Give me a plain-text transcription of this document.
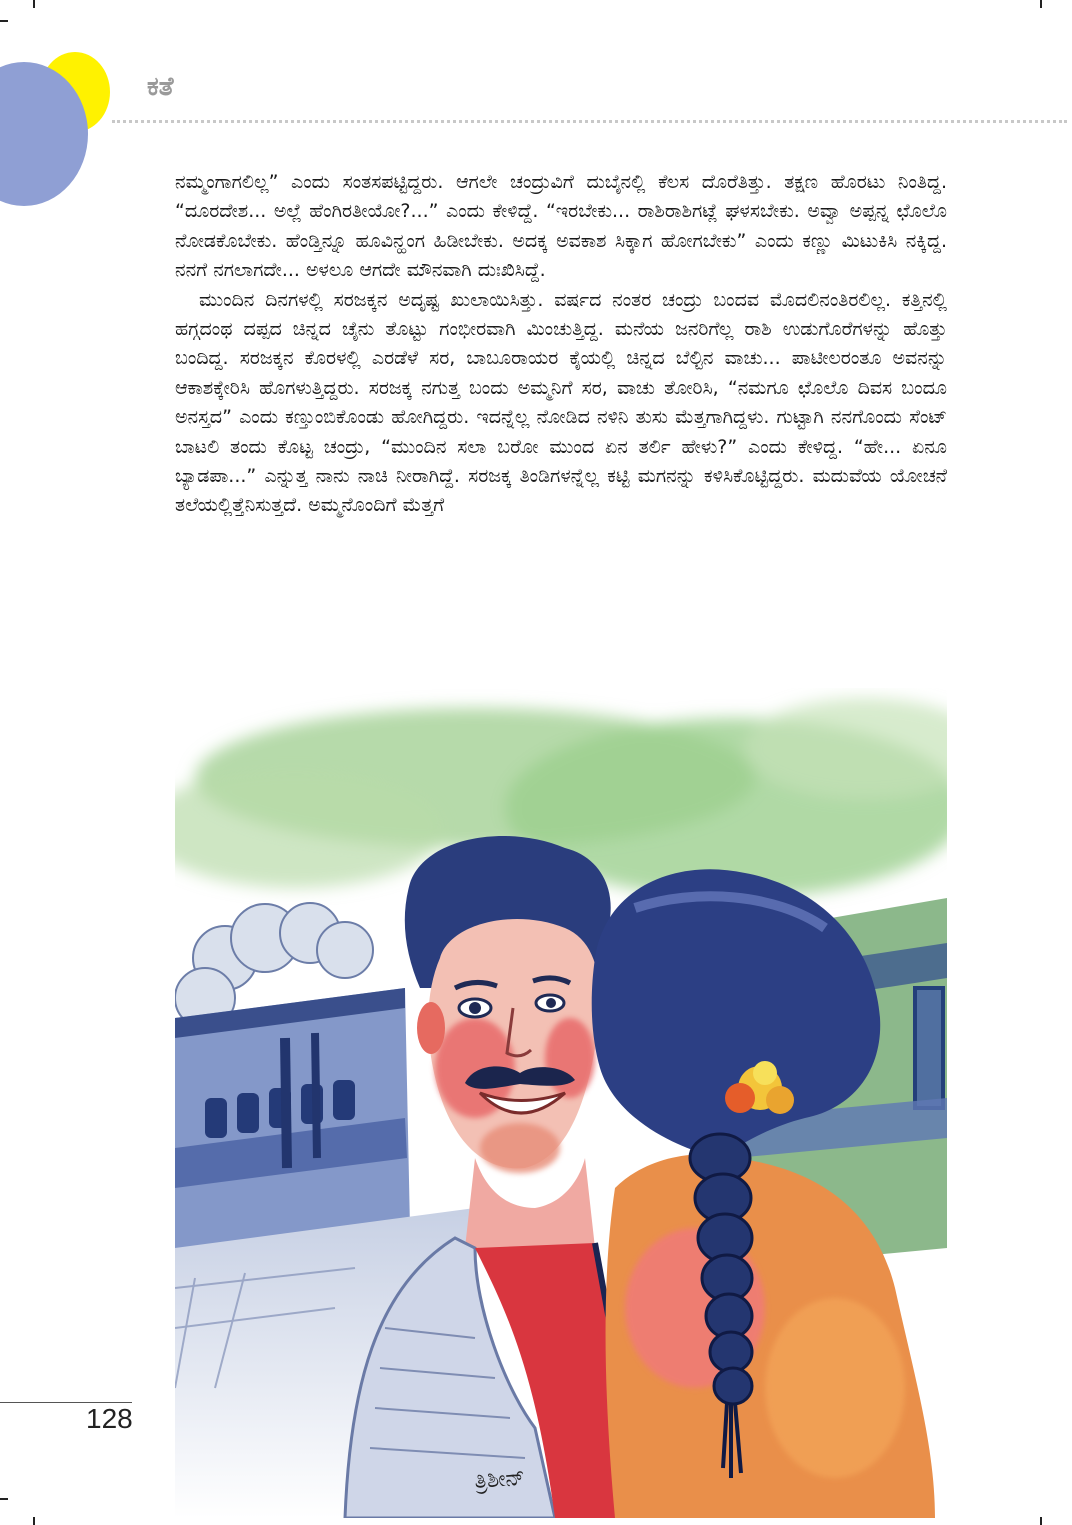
ಕತೆ

ನಮ್ಮಂಗಾಗಲಿಲ್ಲ” ಎಂದು ಸಂತಸಪಟ್ಟಿದ್ದರು. ಆಗಲೇ ಚಂದ್ರುವಿಗೆ ದುಬೈನಲ್ಲಿ ಕೆಲಸ ದೊರೆತಿತ್ತು. ತಕ್ಷಣ ಹೊರಟು ನಿಂತಿದ್ದ. “ದೂರದೇಶ... ಅಲ್ಲೆ ಹೆಂಗಿರತೀಯೋ?...” ಎಂದು ಕೇಳಿದ್ದೆ. “ಇರಬೇಕು... ರಾಶಿರಾಶಿಗಟ್ಲೆ ಘಳಸಬೇಕು. ಅವ್ವಾ ಅಪ್ಪನ್ನ ಛೊಲೊ ನೋಡಕೊಬೇಕು. ಹೆಂಡ್ತಿನ್ನೂ ಹೂವಿನ್ಹಂಗ ಹಿಡೀಬೇಕು. ಅದಕ್ಕ ಅವಕಾಶ ಸಿಕ್ಕಾಗ ಹೋಗಬೇಕು” ಎಂದು ಕಣ್ಣು ಮಿಟುಕಿಸಿ ನಕ್ಕಿದ್ದ. ನನಗೆ ನಗಲಾಗದೇ... ಅಳಲೂ ಆಗದೇ ಮೌನವಾಗಿ ದುಃಖಿಸಿದ್ದೆ.

ಮುಂದಿನ ದಿನಗಳಲ್ಲಿ ಸರಜಕ್ಕನ ಅದೃಷ್ಟ ಖುಲಾಯಿಸಿತ್ತು. ವರ್ಷದ ನಂತರ ಚಂದ್ರು ಬಂದವ ಮೊದಲಿನಂತಿರಲಿಲ್ಲ. ಕತ್ತಿನಲ್ಲಿ ಹಗ್ಗದಂಥ ದಪ್ಪದ ಚಿನ್ನದ ಚೈನು ತೊಟ್ಟು ಗಂಭೀರವಾಗಿ ಮಿಂಚುತ್ತಿದ್ದ. ಮನೆಯ ಜನರಿಗೆಲ್ಲ ರಾಶಿ ಉಡುಗೊರೆಗಳನ್ನು ಹೊತ್ತು ಬಂದಿದ್ದ. ಸರಜಕ್ಕನ ಕೊರಳಲ್ಲಿ ಎರಡೆಳೆ ಸರ, ಬಾಬೂರಾಯರ ಕೈಯಲ್ಲಿ ಚಿನ್ನದ ಬೆಲ್ಟಿನ ವಾಚು... ಪಾಟೀಲರಂತೂ ಅವನನ್ನು ಆಕಾಶಕ್ಕೇರಿಸಿ ಹೊಗಳುತ್ತಿದ್ದರು. ಸರಜಕ್ಕ ನಗುತ್ತ ಬಂದು ಅಮ್ಮನಿಗೆ ಸರ, ವಾಚು ತೋರಿಸಿ, “ನಮಗೂ ಛೊಲೊ ದಿವಸ ಬಂದೂ ಅನಸ್ತದ” ಎಂದು ಕಣ್ತುಂಬಿಕೊಂಡು ಹೋಗಿದ್ದರು. ಇದನ್ನೆಲ್ಲ ನೋಡಿದ ನಳಿನಿ ತುಸು ಮೆತ್ತಗಾಗಿದ್ದಳು. ಗುಟ್ಟಾಗಿ ನನಗೊಂದು ಸೆಂಟ್ ಬಾಟಲಿ ತಂದು ಕೊಟ್ಟ ಚಂದ್ರು, “ಮುಂದಿನ ಸಲಾ ಬರೋ ಮುಂದ ಏನ ತರ್ಲಿ ಹೇಳು?” ಎಂದು ಕೇಳಿದ್ದ. “ಹೇ... ಏನೂ ಬ್ಯಾಡಪಾ...” ಎನ್ನುತ್ತ ನಾನು ನಾಚಿ ನೀರಾಗಿದ್ದೆ. ಸರಜಕ್ಕ ತಿಂಡಿಗಳನ್ನೆಲ್ಲ ಕಟ್ಟಿ ಮಗನನ್ನು ಕಳಿಸಿಕೊಟ್ಟಿದ್ದರು. ಮದುವೆಯ ಯೋಚನೆ ತಲೆಯಲ್ಲಿತ್ತೆನಿಸುತ್ತದೆ. ಅಮ್ಮನೊಂದಿಗೆ ಮೆತ್ತಗೆ

ತ್ರಿಶೀನ್
128
